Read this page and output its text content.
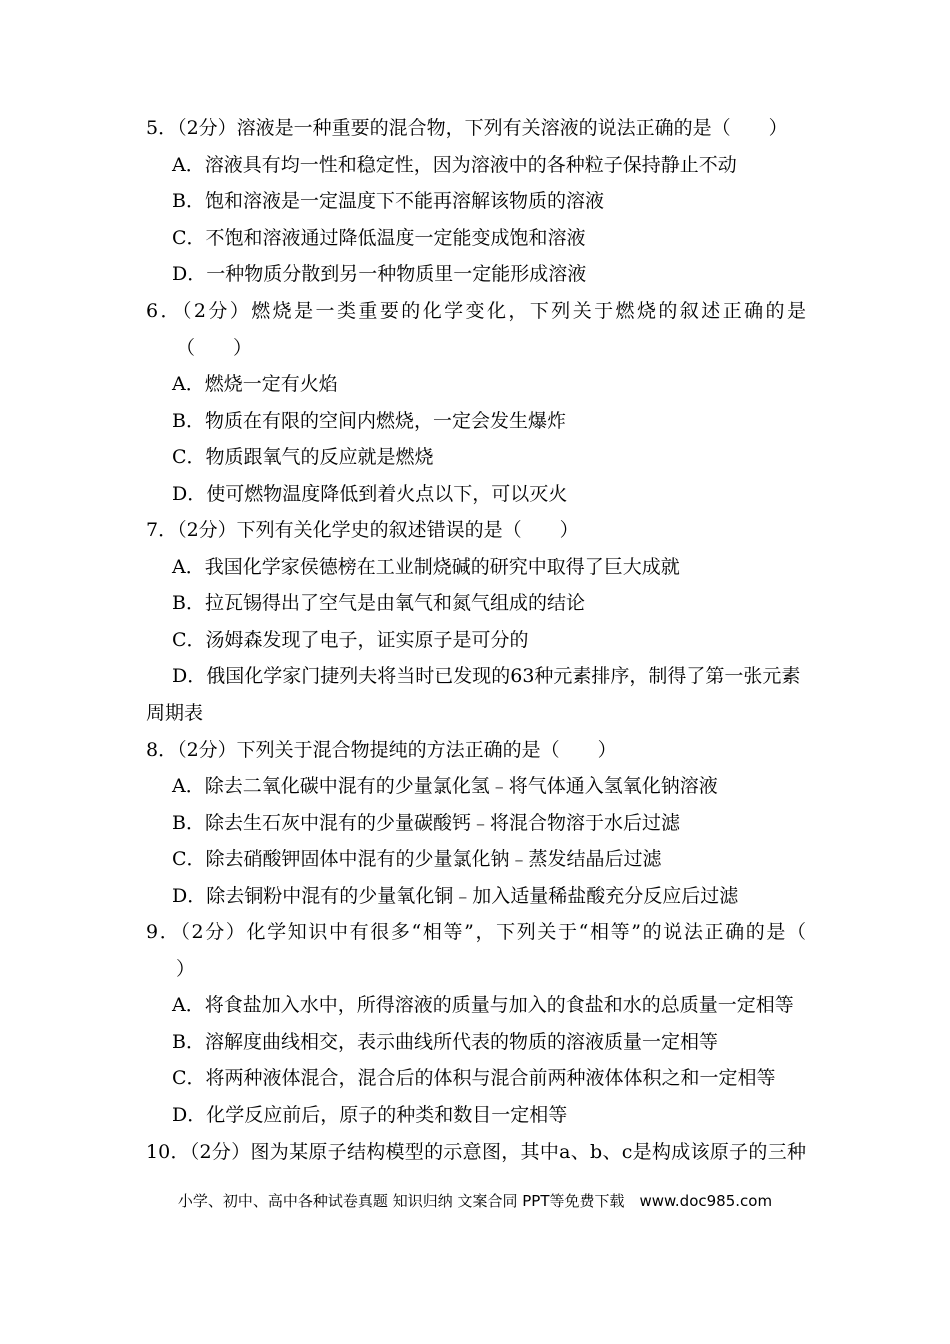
5．（2分）溶液是一种重要的混合物，下列有关溶液的说法正确的是（　　）

A．溶液具有均一性和稳定性，因为溶液中的各种粒子保持静止不动

B．饱和溶液是一定温度下不能再溶解该物质的溶液

C．不饱和溶液通过降低温度一定能变成饱和溶液

D．一种物质分散到另一种物质里一定能形成溶液

6．（2分）燃烧是一类重要的化学变化，下列关于燃烧的叙述正确的是

（　　）

A．燃烧一定有火焰

B．物质在有限的空间内燃烧，一定会发生爆炸

C．物质跟氧气的反应就是燃烧

D．使可燃物温度降低到着火点以下，可以灭火

7．（2分）下列有关化学史的叙述错误的是（　　）

A．我国化学家侯德榜在工业制烧碱的研究中取得了巨大成就

B．拉瓦锡得出了空气是由氧气和氮气组成的结论

C．汤姆森发现了电子，证实原子是可分的

D．俄国化学家门捷列夫将当时已发现的63种元素排序，制得了第一张元素

周期表

8．（2分）下列关于混合物提纯的方法正确的是（　　）

A．除去二氧化碳中混有的少量氯化氢﹣将气体通入氢氧化钠溶液

B．除去生石灰中混有的少量碳酸钙﹣将混合物溶于水后过滤

C．除去硝酸钾固体中混有的少量氯化钠﹣蒸发结晶后过滤

D．除去铜粉中混有的少量氧化铜﹣加入适量稀盐酸充分反应后过滤

9．（2分）化学知识中有很多“相等”，下列关于“相等”的说法正确的是（

）

A．将食盐加入水中，所得溶液的质量与加入的食盐和水的总质量一定相等

B．溶解度曲线相交，表示曲线所代表的物质的溶液质量一定相等

C．将两种液体混合，混合后的体积与混合前两种液体体积之和一定相等

D．化学反应前后，原子的种类和数目一定相等

10．（2分）图为某原子结构模型的示意图，其中a、b、c是构成该原子的三种

小学、初中、高中各种试卷真题 知识归纳 文案合同 PPT等免费下载　www.doc985.com
